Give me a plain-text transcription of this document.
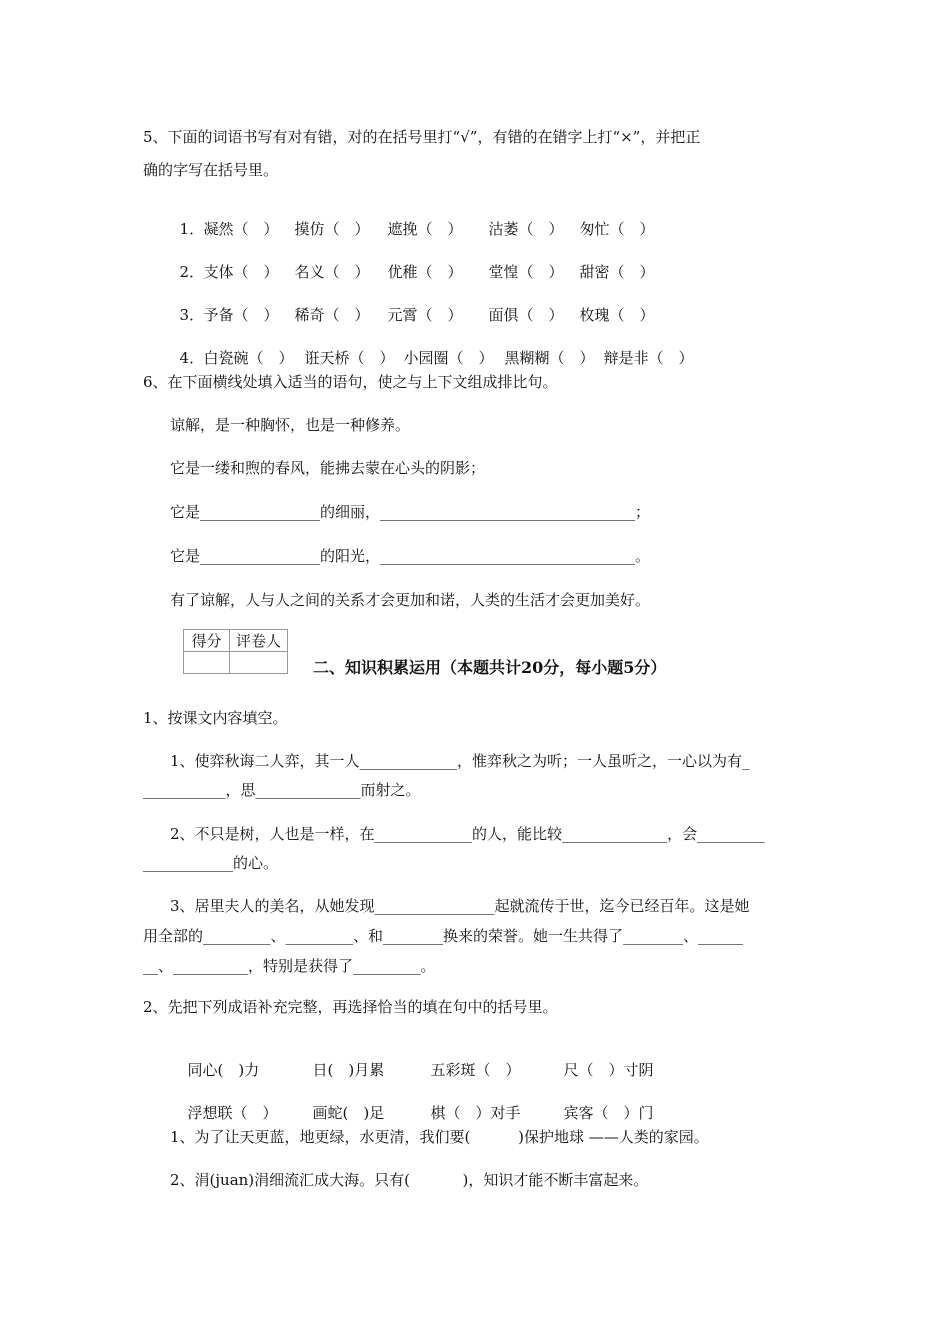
5、下面的词语书写有对有错，对的在括号里打“√”，有错的在错字上打“×”，并把正
确的字写在括号里。

1．凝然（　） 摸仿（　） 遮挽（　） 沽萎（　） 匆忙（　）

2．支体（　） 名义（　） 优稚（　） 堂惶（　） 甜密（　）

3．予备（　） 稀奇（　） 元霄（　） 面俱（　） 枚瑰（　）

4．白瓷碗（　） 诳天桥（　） 小园圈（　） 黑糊糊（　） 辩是非（　）

6、在下面横线处填入适当的语句，使之与上下文组成排比句。
谅解，是一种胸怀，也是一种修养。
它是一缕和煦的春风，能拂去蒙在心头的阴影；
它是________________的细丽，__________________________________；
它是________________的阳光，__________________________________。
有了谅解，人与人之间的关系才会更加和诺，人类的生活才会更加美好。
得分	评卷人

二、知识积累运用（本题共计20分，每小题5分）
1、按课文内容填空。
1、使弈秋诲二人弈，其一人_____________，惟弈秋之为听；一人虽听之，一心以为有_
___________，思______________而射之。
2、不只是树，人也是一样，在_____________的人，能比较______________，会_________
____________的心。
3、居里夫人的美名，从她发现________________起就流传于世，迄今已经百年。这是她
用全部的_________、_________、和________换来的荣誉。她一生共得了________、______
__、__________，特别是获得了_________。
2、先把下列成语补充完整，再选择恰当的填在句中的括号里。

同心(　)力	日(　)月累	五彩斑（　）	尺（　）寸阴

浮想联（　） 画蛇(　)足	棋（　）对手	宾客（　）门

1、为了让天更蓝，地更绿，水更清，我们要(	)保护地球 ——人类的家园。
2、涓(juan)涓细流汇成大海。只有(	)，知识才能不断丰富起来。
